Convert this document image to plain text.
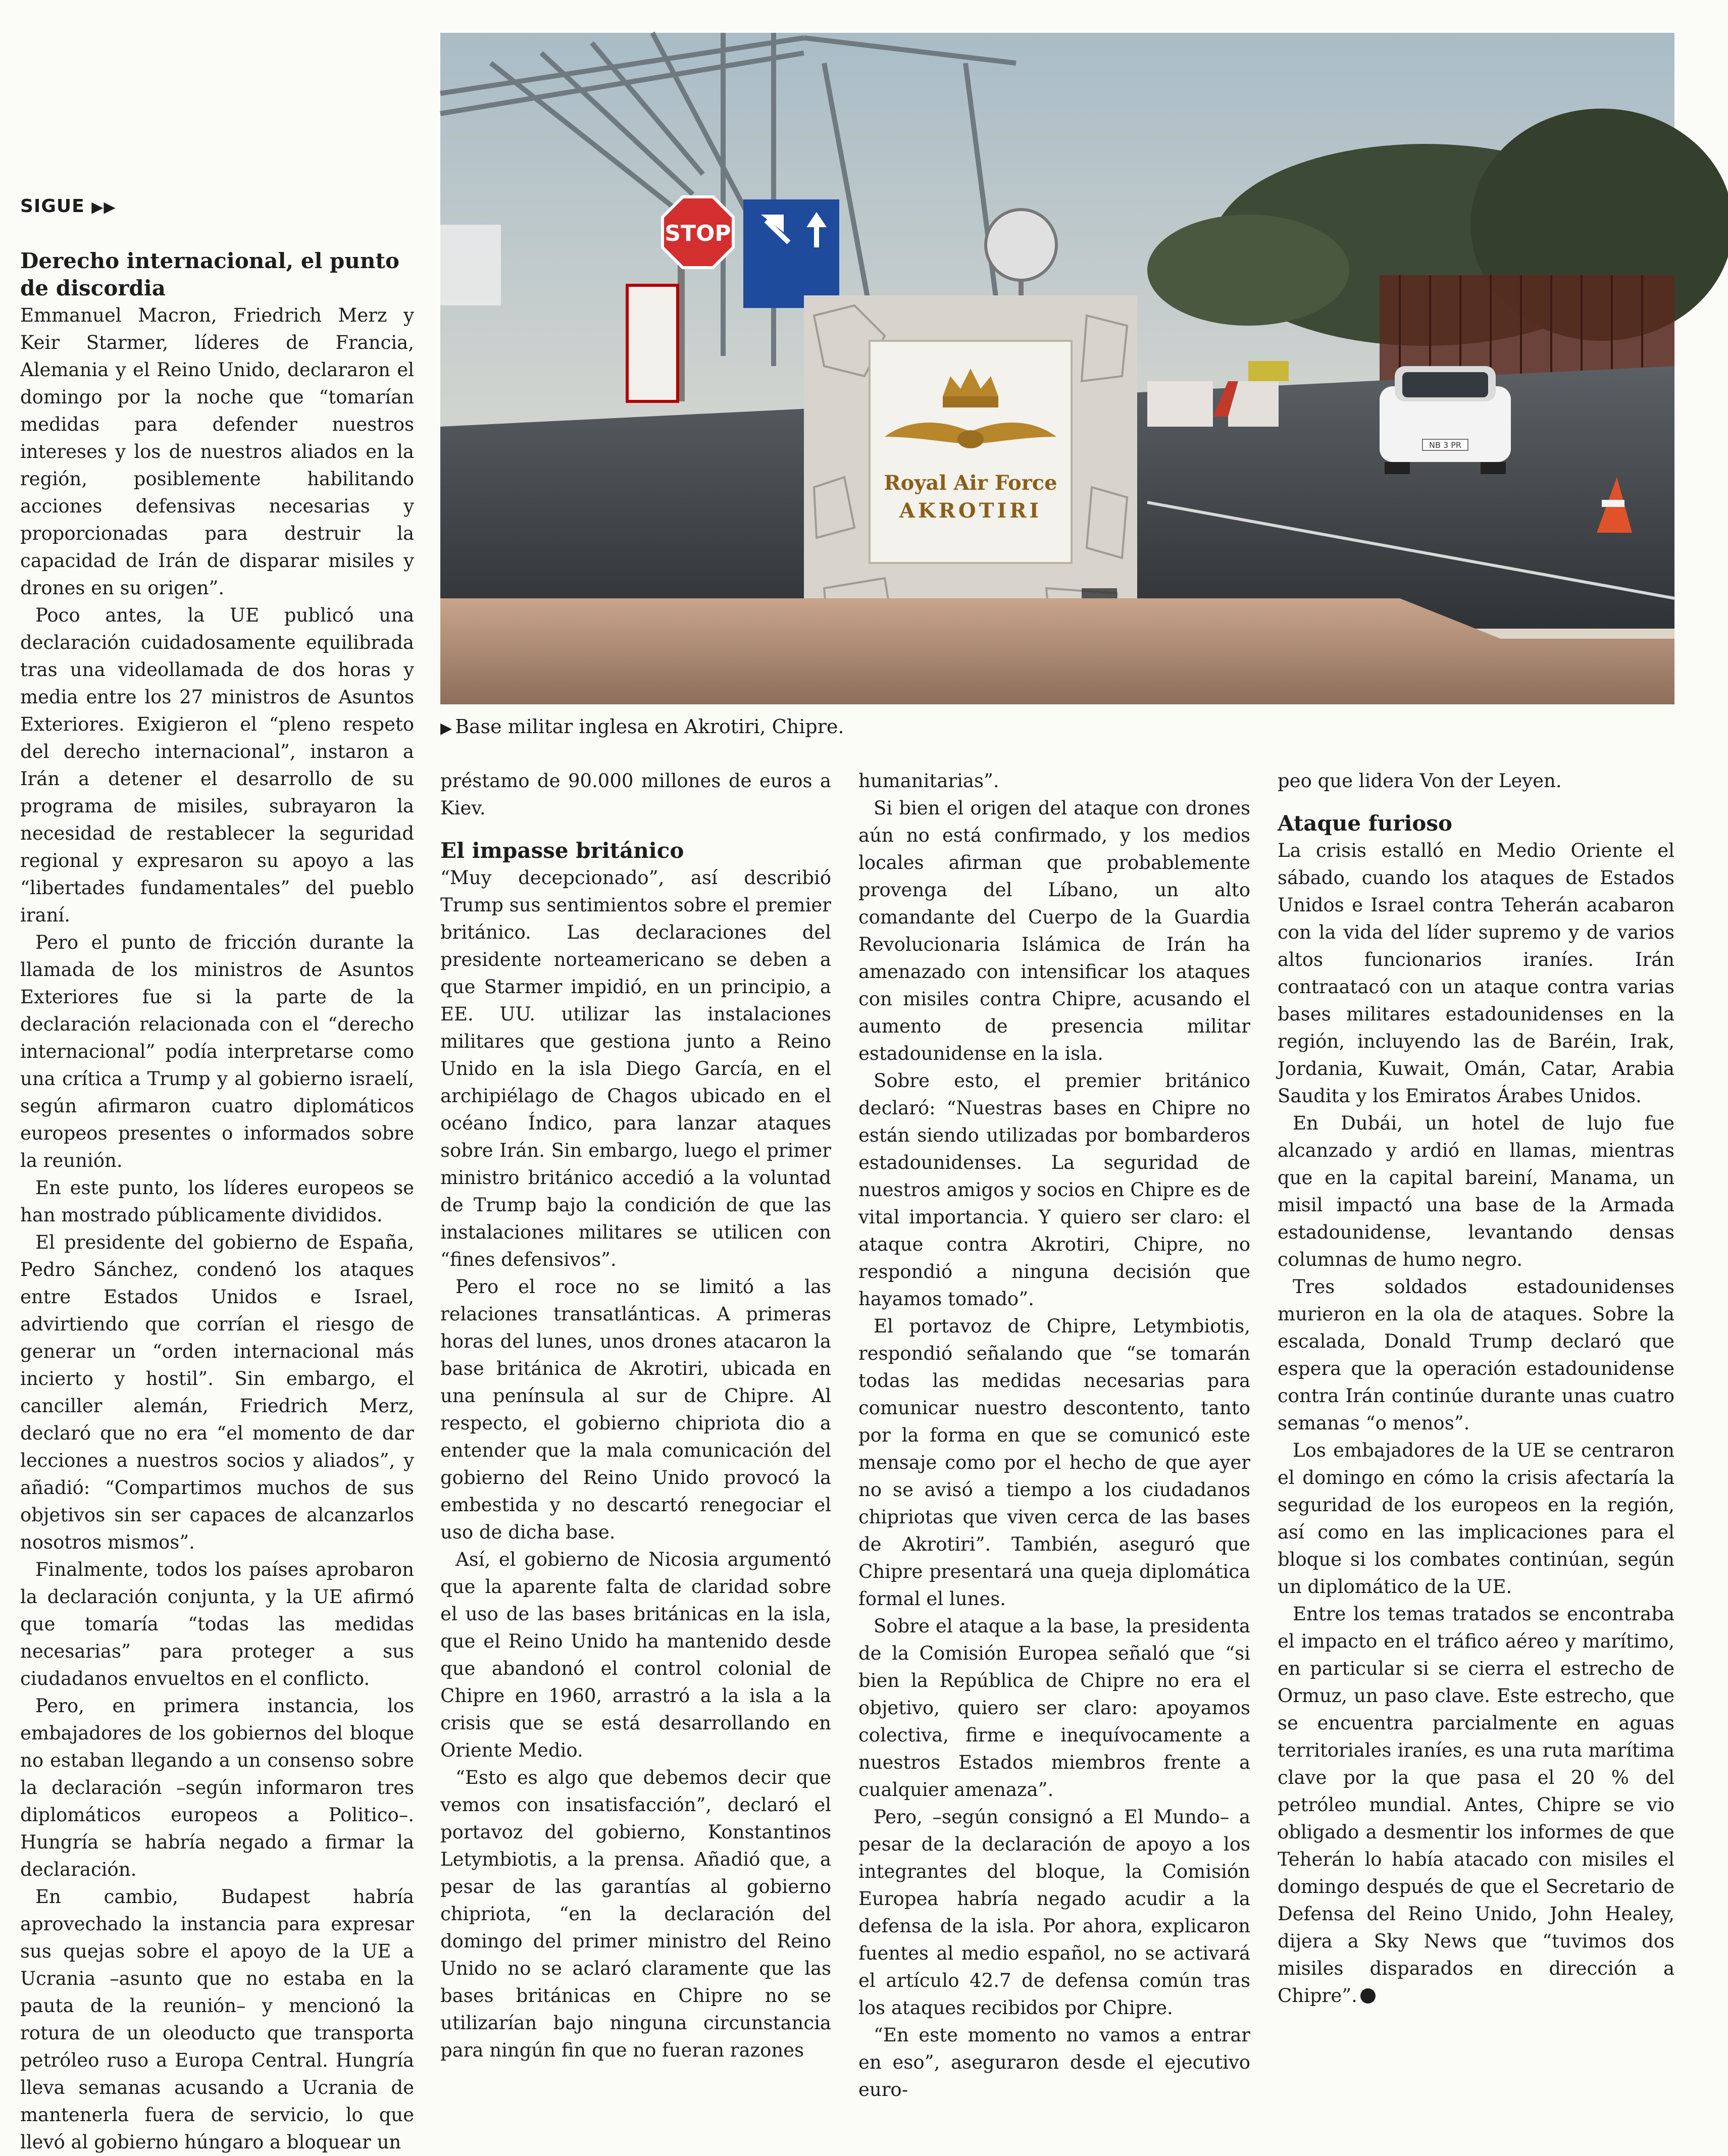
SIGUE ▶▶
Derecho internacional, el punto de discordia

Emmanuel Macron, Friedrich Merz y Keir Starmer, líderes de Francia, Alemania y el Reino Unido, declararon el domingo por la noche que “tomarían medidas para defender nuestros intereses y los de nuestros aliados en la región, posiblemente habilitando acciones defensivas necesarias y proporcionadas para destruir la capacidad de Irán de disparar misiles y drones en su origen”.

Poco antes, la UE publicó una declaración cuidadosamente equilibrada tras una videollamada de dos horas y media entre los 27 ministros de Asuntos Exteriores. Exigieron el “pleno respeto del derecho internacional”, instaron a Irán a detener el desarrollo de su programa de misiles, subrayaron la necesidad de restablecer la seguridad regional y expresaron su apoyo a las “libertades fundamentales” del pueblo iraní.

Pero el punto de fricción durante la llamada de los ministros de Asuntos Exteriores fue si la parte de la declaración relacionada con el “derecho internacional” podía interpretarse como una crítica a Trump y al gobierno israelí, según afirmaron cuatro diplomáticos europeos presentes o informados sobre la reunión.

En este punto, los líderes europeos se han mostrado públicamente divididos.

El presidente del gobierno de España, Pedro Sánchez, condenó los ataques entre Estados Unidos e Israel, advirtiendo que corrían el riesgo de generar un “orden internacional más incierto y hostil”. Sin embargo, el canciller alemán, Friedrich Merz, declaró que no era “el momento de dar lecciones a nuestros socios y aliados”, y añadió: “Compartimos muchos de sus objetivos sin ser capaces de alcanzarlos nosotros mismos”.

Finalmente, todos los países aprobaron la declaración conjunta, y la UE afirmó que tomaría “todas las medidas necesarias” para proteger a sus ciudadanos envueltos en el conflicto.

Pero, en primera instancia, los embajadores de los gobiernos del bloque no estaban llegando a un consenso sobre la declaración –según informaron tres diplomáticos europeos a Politico–. Hungría se habría negado a firmar la declaración.

En cambio, Budapest habría aprovechado la instancia para expresar sus quejas sobre el apoyo de la UE a Ucrania –asunto que no estaba en la pauta de la reunión– y mencionó la rotura de un oleoducto que transporta petróleo ruso a Europa Central. Hungría lleva semanas acusando a Ucrania de mantenerla fuera de servicio, lo que llevó al gobierno húngaro a bloquear un

NB 3 PR
STOP
Royal Air Force
AKROTIRI
▶ Base militar inglesa en Akrotiri, Chipre.

préstamo de 90.000 millones de euros a Kiev.

El impasse británico

“Muy decepcionado”, así describió Trump sus sentimientos sobre el premier británico. Las declaraciones del presidente norteamericano se deben a que Starmer impidió, en un principio, a EE. UU. utilizar las instalaciones militares que gestiona junto a Reino Unido en la isla Diego García, en el archipiélago de Chagos ubicado en el océano Índico, para lanzar ataques sobre Irán. Sin embargo, luego el primer ministro británico accedió a la voluntad de Trump bajo la condición de que las instalaciones militares se utilicen con “fines defensivos”.

Pero el roce no se limitó a las relaciones transatlánticas. A primeras horas del lunes, unos drones atacaron la base británica de Akrotiri, ubicada en una península al sur de Chipre. Al respecto, el gobierno chipriota dio a entender que la mala comunicación del gobierno del Reino Unido provocó la embestida y no descartó renegociar el uso de dicha base.

Así, el gobierno de Nicosia argumentó que la aparente falta de claridad sobre el uso de las bases británicas en la isla, que el Reino Unido ha mantenido desde que abandonó el control colonial de Chipre en 1960, arrastró a la isla a la crisis que se está desarrollando en Oriente Medio.

“Esto es algo que debemos decir que vemos con insatisfacción”, declaró el portavoz del gobierno, Konstantinos Letymbiotis, a la prensa. Añadió que, a pesar de las garantías al gobierno chipriota, “en la declaración del domingo del primer ministro del Reino Unido no se aclaró claramente que las bases británicas en Chipre no se utilizarían bajo ninguna circunstancia para ningún fin que no fueran razones

humanitarias”.

Si bien el origen del ataque con drones aún no está confirmado, y los medios locales afirman que probablemente provenga del Líbano, un alto comandante del Cuerpo de la Guardia Revolucionaria Islámica de Irán ha amenazado con intensificar los ataques con misiles contra Chipre, acusando el aumento de presencia militar estadounidense en la isla.

Sobre esto, el premier británico declaró: “Nuestras bases en Chipre no están siendo utilizadas por bombarderos estadounidenses. La seguridad de nuestros amigos y socios en Chipre es de vital importancia. Y quiero ser claro: el ataque contra Akrotiri, Chipre, no respondió a ninguna decisión que hayamos tomado”.

El portavoz de Chipre, Letymbiotis, respondió señalando que “se tomarán todas las medidas necesarias para comunicar nuestro descontento, tanto por la forma en que se comunicó este mensaje como por el hecho de que ayer no se avisó a tiempo a los ciudadanos chipriotas que viven cerca de las bases de Akrotiri”. También, aseguró que Chipre presentará una queja diplomática formal el lunes.

Sobre el ataque a la base, la presidenta de la Comisión Europea señaló que “si bien la República de Chipre no era el objetivo, quiero ser claro: apoyamos colectiva, firme e inequívocamente a nuestros Estados miembros frente a cualquier amenaza”.

Pero, –según consignó a El Mundo– a pesar de la declaración de apoyo a los integrantes del bloque, la Comisión Europea habría negado acudir a la defensa de la isla. Por ahora, explicaron fuentes al medio español, no se activará el artículo 42.7 de defensa común tras los ataques recibidos por Chipre.

“En este momento no vamos a entrar en eso”, aseguraron desde el ejecutivo euro-

peo que lidera Von der Leyen.

Ataque furioso

La crisis estalló en Medio Oriente el sábado, cuando los ataques de Estados Unidos e Israel contra Teherán acabaron con la vida del líder supremo y de varios altos funcionarios iraníes. Irán contraatacó con un ataque contra varias bases militares estadounidenses en la región, incluyendo las de Baréin, Irak, Jordania, Kuwait, Omán, Catar, Arabia Saudita y los Emiratos Árabes Unidos.

En Dubái, un hotel de lujo fue alcanzado y ardió en llamas, mientras que en la capital bareiní, Manama, un misil impactó una base de la Armada estadounidense, levantando densas columnas de humo negro.

Tres soldados estadounidenses murieron en la ola de ataques. Sobre la escalada, Donald Trump declaró que espera que la operación estadounidense contra Irán continúe durante unas cuatro semanas “o menos”.

Los embajadores de la UE se centraron el domingo en cómo la crisis afectaría la seguridad de los europeos en la región, así como en las implicaciones para el bloque si los combates continúan, según un diplomático de la UE.

Entre los temas tratados se encontraba el impacto en el tráfico aéreo y marítimo, en particular si se cierra el estrecho de Ormuz, un paso clave. Este estrecho, que se encuentra parcialmente en aguas territoriales iraníes, es una ruta marítima clave por la que pasa el 20 % del petróleo mundial. Antes, Chipre se vio obligado a desmentir los informes de que Teherán lo había atacado con misiles el domingo después de que el Secretario de Defensa del Reino Unido, John Healey, dijera a Sky News que “tuvimos dos misiles disparados en dirección a Chipre”.
